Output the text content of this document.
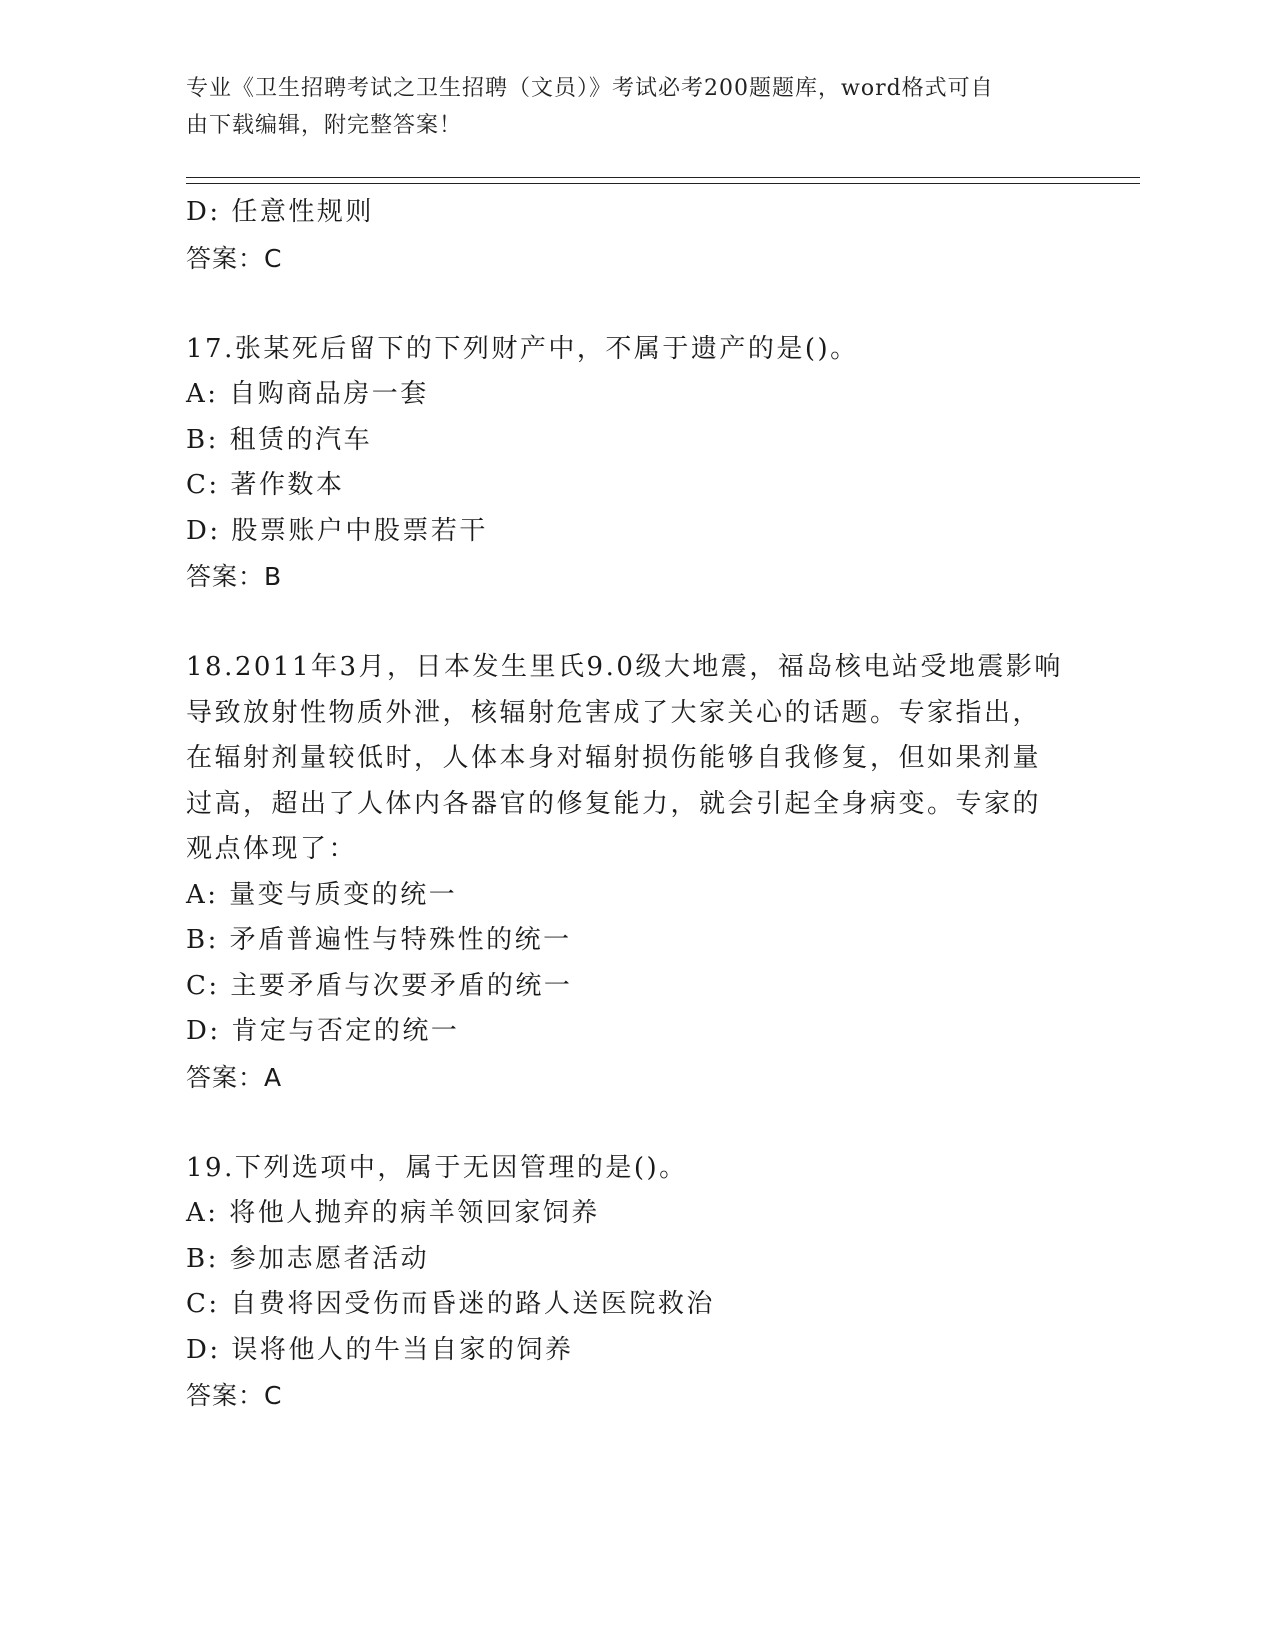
专业《卫生招聘考试之卫生招聘（文员）》考试必考200题题库，word格式可自
由下载编辑，附完整答案！
D: 任意性规则
答案：C
17.张某死后留下的下列财产中，不属于遗产的是()。
A: 自购商品房一套
B: 租赁的汽车
C: 著作数本
D: 股票账户中股票若干
答案：B
18.2011年3月，日本发生里氏9.0级大地震，福岛核电站受地震影响
导致放射性物质外泄，核辐射危害成了大家关心的话题。专家指出，
在辐射剂量较低时，人体本身对辐射损伤能够自我修复，但如果剂量
过高，超出了人体内各器官的修复能力，就会引起全身病变。专家的
观点体现了：
A: 量变与质变的统一
B: 矛盾普遍性与特殊性的统一
C: 主要矛盾与次要矛盾的统一
D: 肯定与否定的统一
答案：A
19.下列选项中，属于无因管理的是()。
A: 将他人抛弃的病羊领回家饲养
B: 参加志愿者活动
C: 自费将因受伤而昏迷的路人送医院救治
D: 误将他人的牛当自家的饲养
答案：C
